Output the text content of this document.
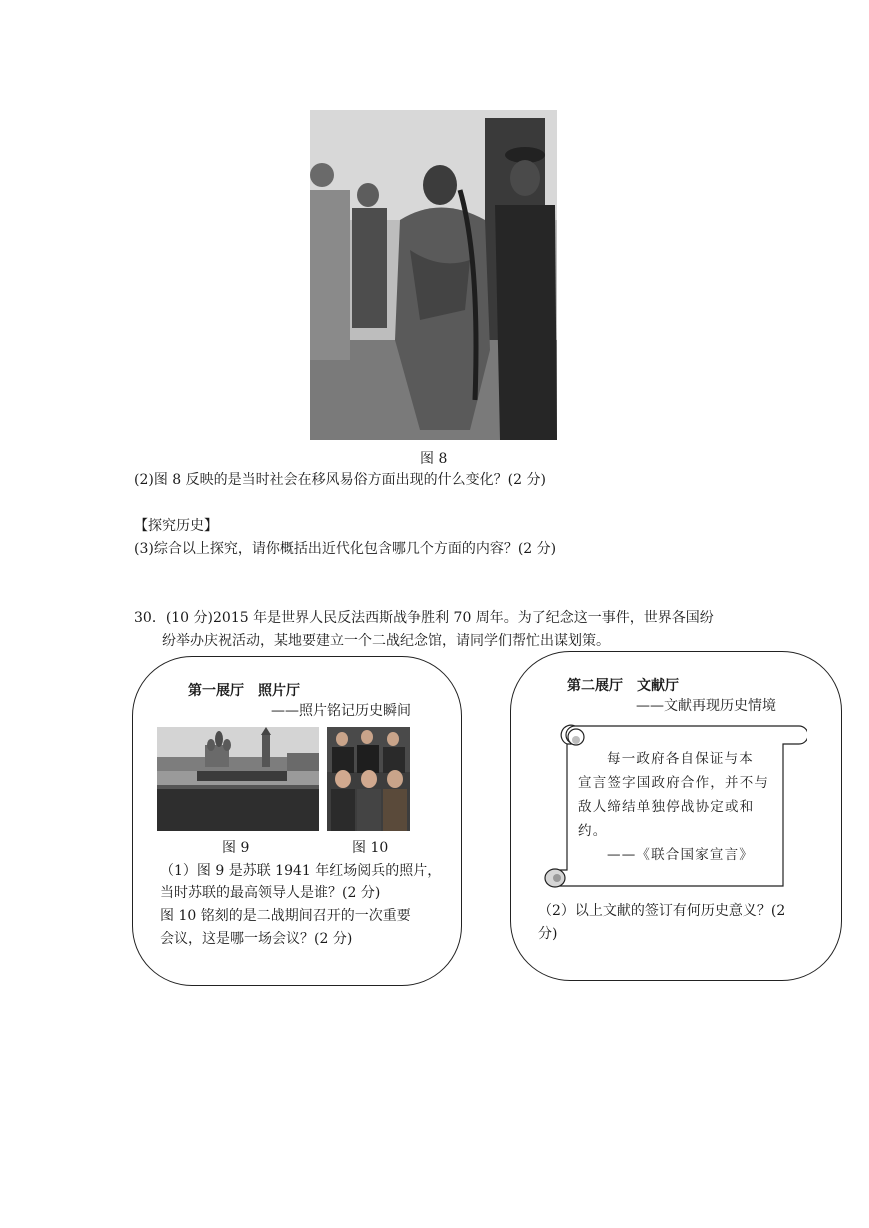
图 8
(2)图 8 反映的是当时社会在移风易俗方面出现的什么变化？(2 分)
【探究历史】
(3)综合以上探究，请你概括出近代化包含哪几个方面的内容？(2 分)
30．(10 分)2015 年是世界人民反法西斯战争胜利 70 周年。为了纪念这一事件，世界各国纷
纷举办庆祝活动，某地要建立一个二战纪念馆，请同学们帮忙出谋划策。
第一展厅　照片厅
——照片铭记历史瞬间
图 9	图 10
（1）图 9 是苏联 1941 年红场阅兵的照片，
当时苏联的最高领导人是谁？(2 分)
图 10 铭刻的是二战期间召开的一次重要
会议，这是哪一场会议？(2 分)
第二展厅　文献厅
——文献再现历史情境
每一政府各自保证与本
宣言签字国政府合作，并不与
敌人缔结单独停战协定或和
约。
——《联合国家宣言》
（2）以上文献的签订有何历史意义？(2
分)
